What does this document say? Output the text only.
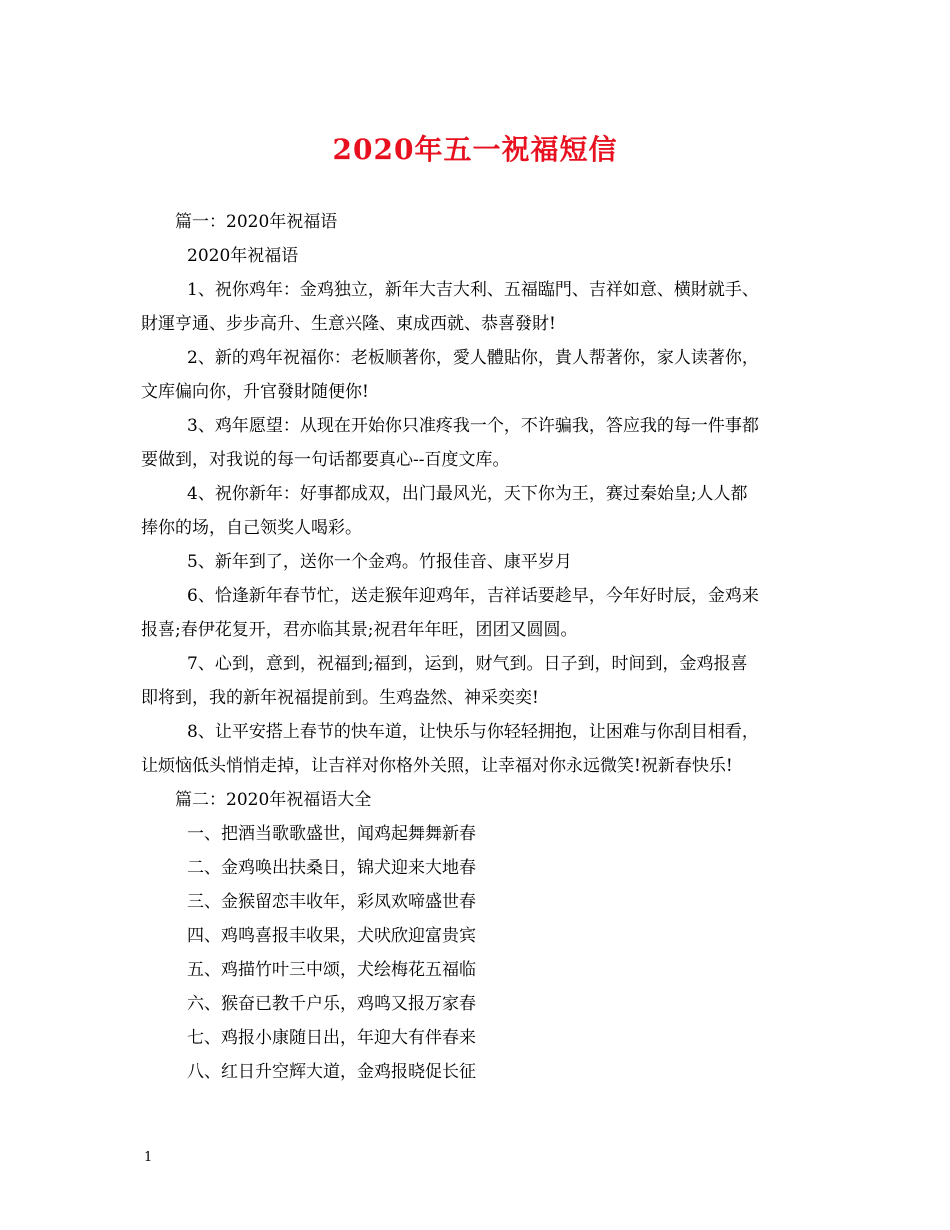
2020年五一祝福短信
篇一：2020年祝福语
2020年祝福语
1、祝你鸡年：金鸡独立，新年大吉大利、五福臨門、吉祥如意、横財就手、
財運亨通、步步高升、生意兴隆、東成西就、恭喜發財!
2、新的鸡年祝福你：老板顺著你，愛人體貼你，貴人帮著你，家人读著你，
文库偏向你，升官發財随便你!
3、鸡年愿望：从现在开始你只准疼我一个，不许骗我，答应我的每一件事都
要做到，对我说的每一句话都要真心--百度文库。
4、祝你新年：好事都成双，出门最风光，天下你为王，赛过秦始皇;人人都
捧你的场，自己领奖人喝彩。
5、新年到了，送你一个金鸡。竹报佳音、康平岁月
6、恰逢新年春节忙，送走猴年迎鸡年，吉祥话要趁早，今年好时辰，金鸡来
报喜;春伊花复开，君亦临其景;祝君年年旺，团团又圆圆。
7、心到，意到，祝福到;福到，运到，财气到。日子到，时间到，金鸡报喜
即将到，我的新年祝福提前到。生鸡盎然、神采奕奕!
8、让平安搭上春节的快车道，让快乐与你轻轻拥抱，让困难与你刮目相看，
让烦恼低头悄悄走掉，让吉祥对你格外关照，让幸福对你永远微笑!祝新春快乐!
篇二：2020年祝福语大全
一、把酒当歌歌盛世，闻鸡起舞舞新春
二、金鸡唤出扶桑日，锦犬迎来大地春
三、金猴留恋丰收年，彩凤欢啼盛世春
四、鸡鸣喜报丰收果，犬吠欣迎富贵宾
五、鸡描竹叶三中颂，犬绘梅花五福临
六、猴奋已教千户乐，鸡鸣又报万家春
七、鸡报小康随日出，年迎大有伴春来
八、红日升空辉大道，金鸡报晓促长征
1
